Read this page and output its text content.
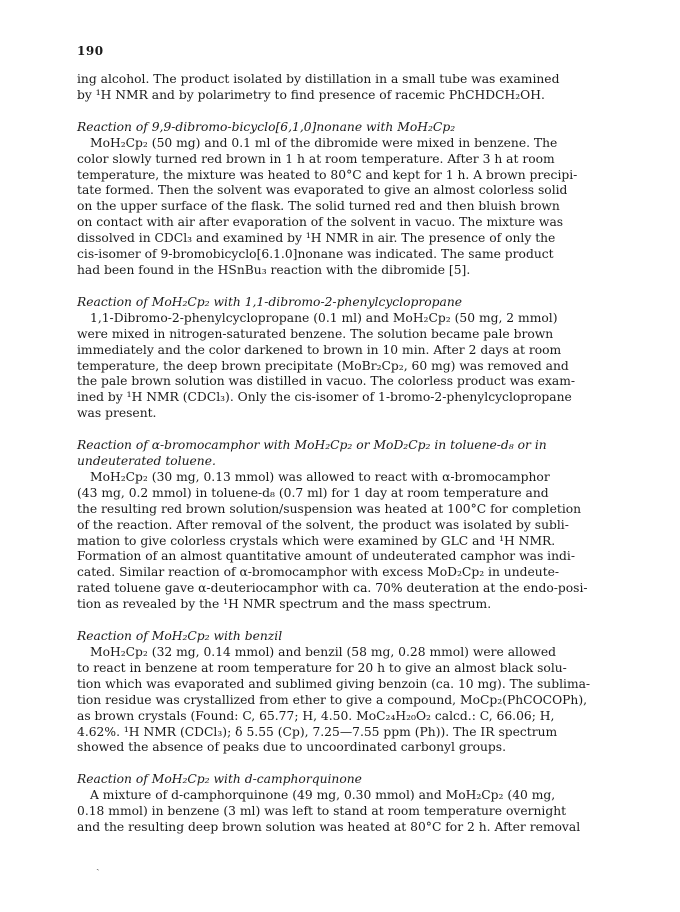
190
ing alcohol. The product isolated by distillation in a small tube was examined
by ¹H NMR and by polarimetry to find presence of racemic PhCHDCH₂OH.
Reaction of 9,9-dibromo-bicyclo[6,1,0]nonane with MoH₂Cp₂
MoH₂Cp₂ (50 mg) and 0.1 ml of the dibromide were mixed in benzene. The
color slowly turned red brown in 1 h at room temperature. After 3 h at room
temperature, the mixture was heated to 80°C and kept for 1 h. A brown precipi-
tate formed. Then the solvent was evaporated to give an almost colorless solid
on the upper surface of the flask. The solid turned red and then bluish brown
on contact with air after evaporation of the solvent in vacuo. The mixture was
dissolved in CDCl₃ and examined by ¹H NMR in air. The presence of only the
cis-isomer of 9-bromobicyclo[6.1.0]nonane was indicated. The same product
had been found in the HSnBu₃ reaction with the dibromide [5].
Reaction of MoH₂Cp₂ with 1,1-dibromo-2-phenylcyclopropane
1,1-Dibromo-2-phenylcyclopropane (0.1 ml) and MoH₂Cp₂ (50 mg, 2 mmol)
were mixed in nitrogen-saturated benzene. The solution became pale brown
immediately and the color darkened to brown in 10 min. After 2 days at room
temperature, the deep brown precipitate (MoBr₂Cp₂, 60 mg) was removed and
the pale brown solution was distilled in vacuo. The colorless product was exam-
ined by ¹H NMR (CDCl₃). Only the cis-isomer of 1-bromo-2-phenylcyclopropane
was present.
Reaction of α-bromocamphor with MoH₂Cp₂ or MoD₂Cp₂ in toluene-d₈ or in
undeuterated toluene.
MoH₂Cp₂ (30 mg, 0.13 mmol) was allowed to react with α-bromocamphor
(43 mg, 0.2 mmol) in toluene-d₈ (0.7 ml) for 1 day at room temperature and
the resulting red brown solution/suspension was heated at 100°C for completion
of the reaction. After removal of the solvent, the product was isolated by subli-
mation to give colorless crystals which were examined by GLC and ¹H NMR.
Formation of an almost quantitative amount of undeuterated camphor was indi-
cated. Similar reaction of α-bromocamphor with excess MoD₂Cp₂ in undeute-
rated toluene gave α-deuteriocamphor with ca. 70% deuteration at the endo-posi-
tion as revealed by the ¹H NMR spectrum and the mass spectrum.
Reaction of MoH₂Cp₂ with benzil
MoH₂Cp₂ (32 mg, 0.14 mmol) and benzil (58 mg, 0.28 mmol) were allowed
to react in benzene at room temperature for 20 h to give an almost black solu-
tion which was evaporated and sublimed giving benzoin (ca. 10 mg). The sublima-
tion residue was crystallized from ether to give a compound, MoCp₂(PhCOCOPh),
as brown crystals (Found: C, 65.77; H, 4.50. MoC₂₄H₂₀O₂ calcd.: C, 66.06; H,
4.62%. ¹H NMR (CDCl₃); δ 5.55 (Cp), 7.25—7.55 ppm (Ph)). The IR spectrum
showed the absence of peaks due to uncoordinated carbonyl groups.
Reaction of MoH₂Cp₂ with d-camphorquinone
A mixture of d-camphorquinone (49 mg, 0.30 mmol) and MoH₂Cp₂ (40 mg,
0.18 mmol) in benzene (3 ml) was left to stand at room temperature overnight
and the resulting deep brown solution was heated at 80°C for 2 h. After removal
ˏ
